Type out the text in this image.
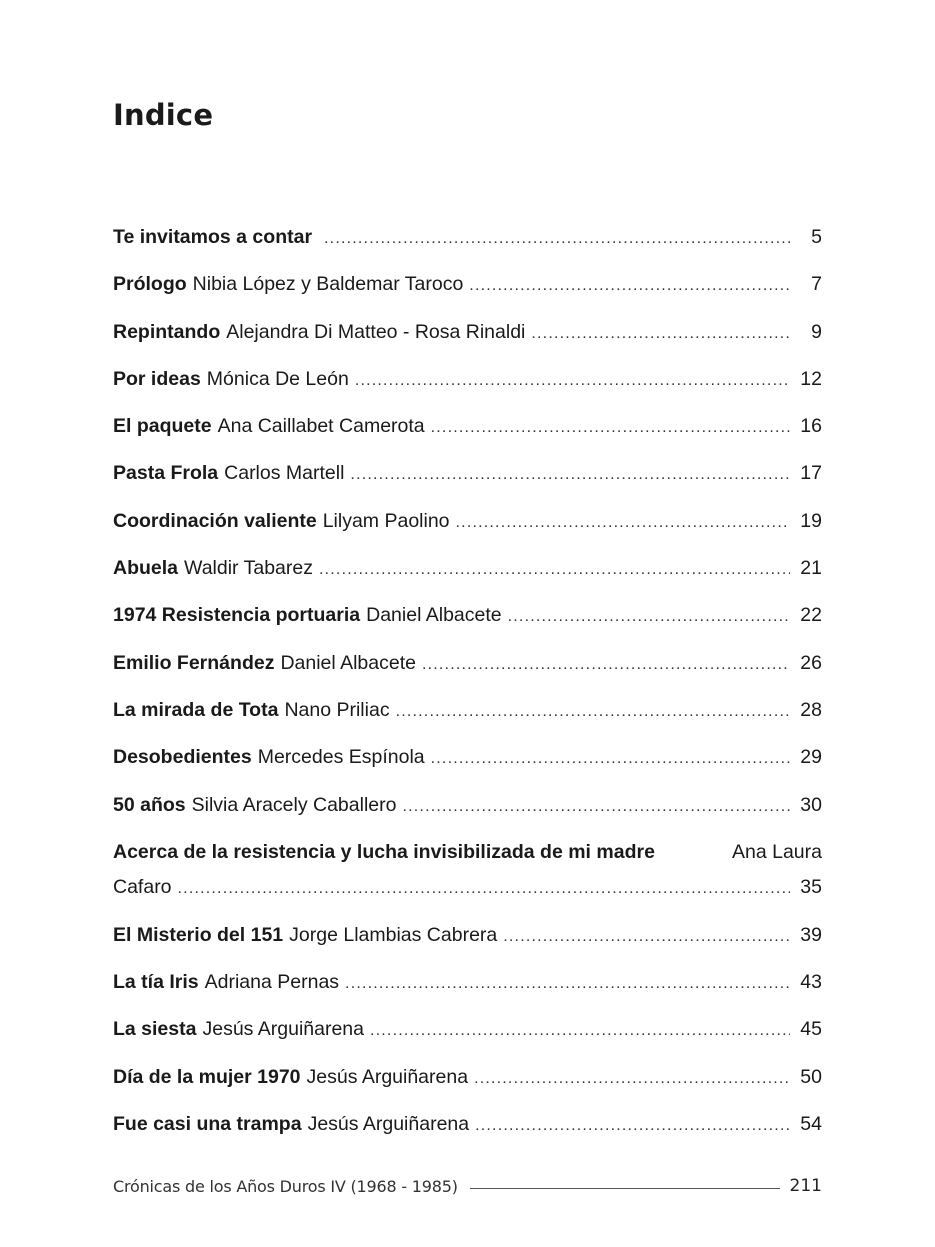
Indice
Te invitamos a contar .....	5
Prólogo Nibia López y Baldemar Taroco .....	7
Repintando Alejandra Di Matteo - Rosa Rinaldi .....	9
Por ideas Mónica De León .....	12
El paquete Ana Caillabet Camerota .....	16
Pasta Frola Carlos Martell .....	17
Coordinación valiente Lilyam Paolino .....	19
Abuela Waldir Tabarez .....	21
1974 Resistencia portuaria Daniel Albacete .....	22
Emilio Fernández Daniel Albacete .....	26
La mirada de Tota Nano Priliac .....	28
Desobedientes Mercedes Espínola .....	29
50 años Silvia Aracely Caballero .....	30
Acerca de la resistencia y lucha invisibilizada de mi madre	Ana Laura
Cafaro .....	35
El Misterio del 151 Jorge Llambias Cabrera .....	39
La tía Iris Adriana Pernas .....	43
La siesta Jesús Arguiñarena .....	45
Día de la mujer 1970 Jesús Arguiñarena .....	50
Fue casi una trampa Jesús Arguiñarena .....	54
Crónicas de los Años Duros IV (1968 - 1985)	211
